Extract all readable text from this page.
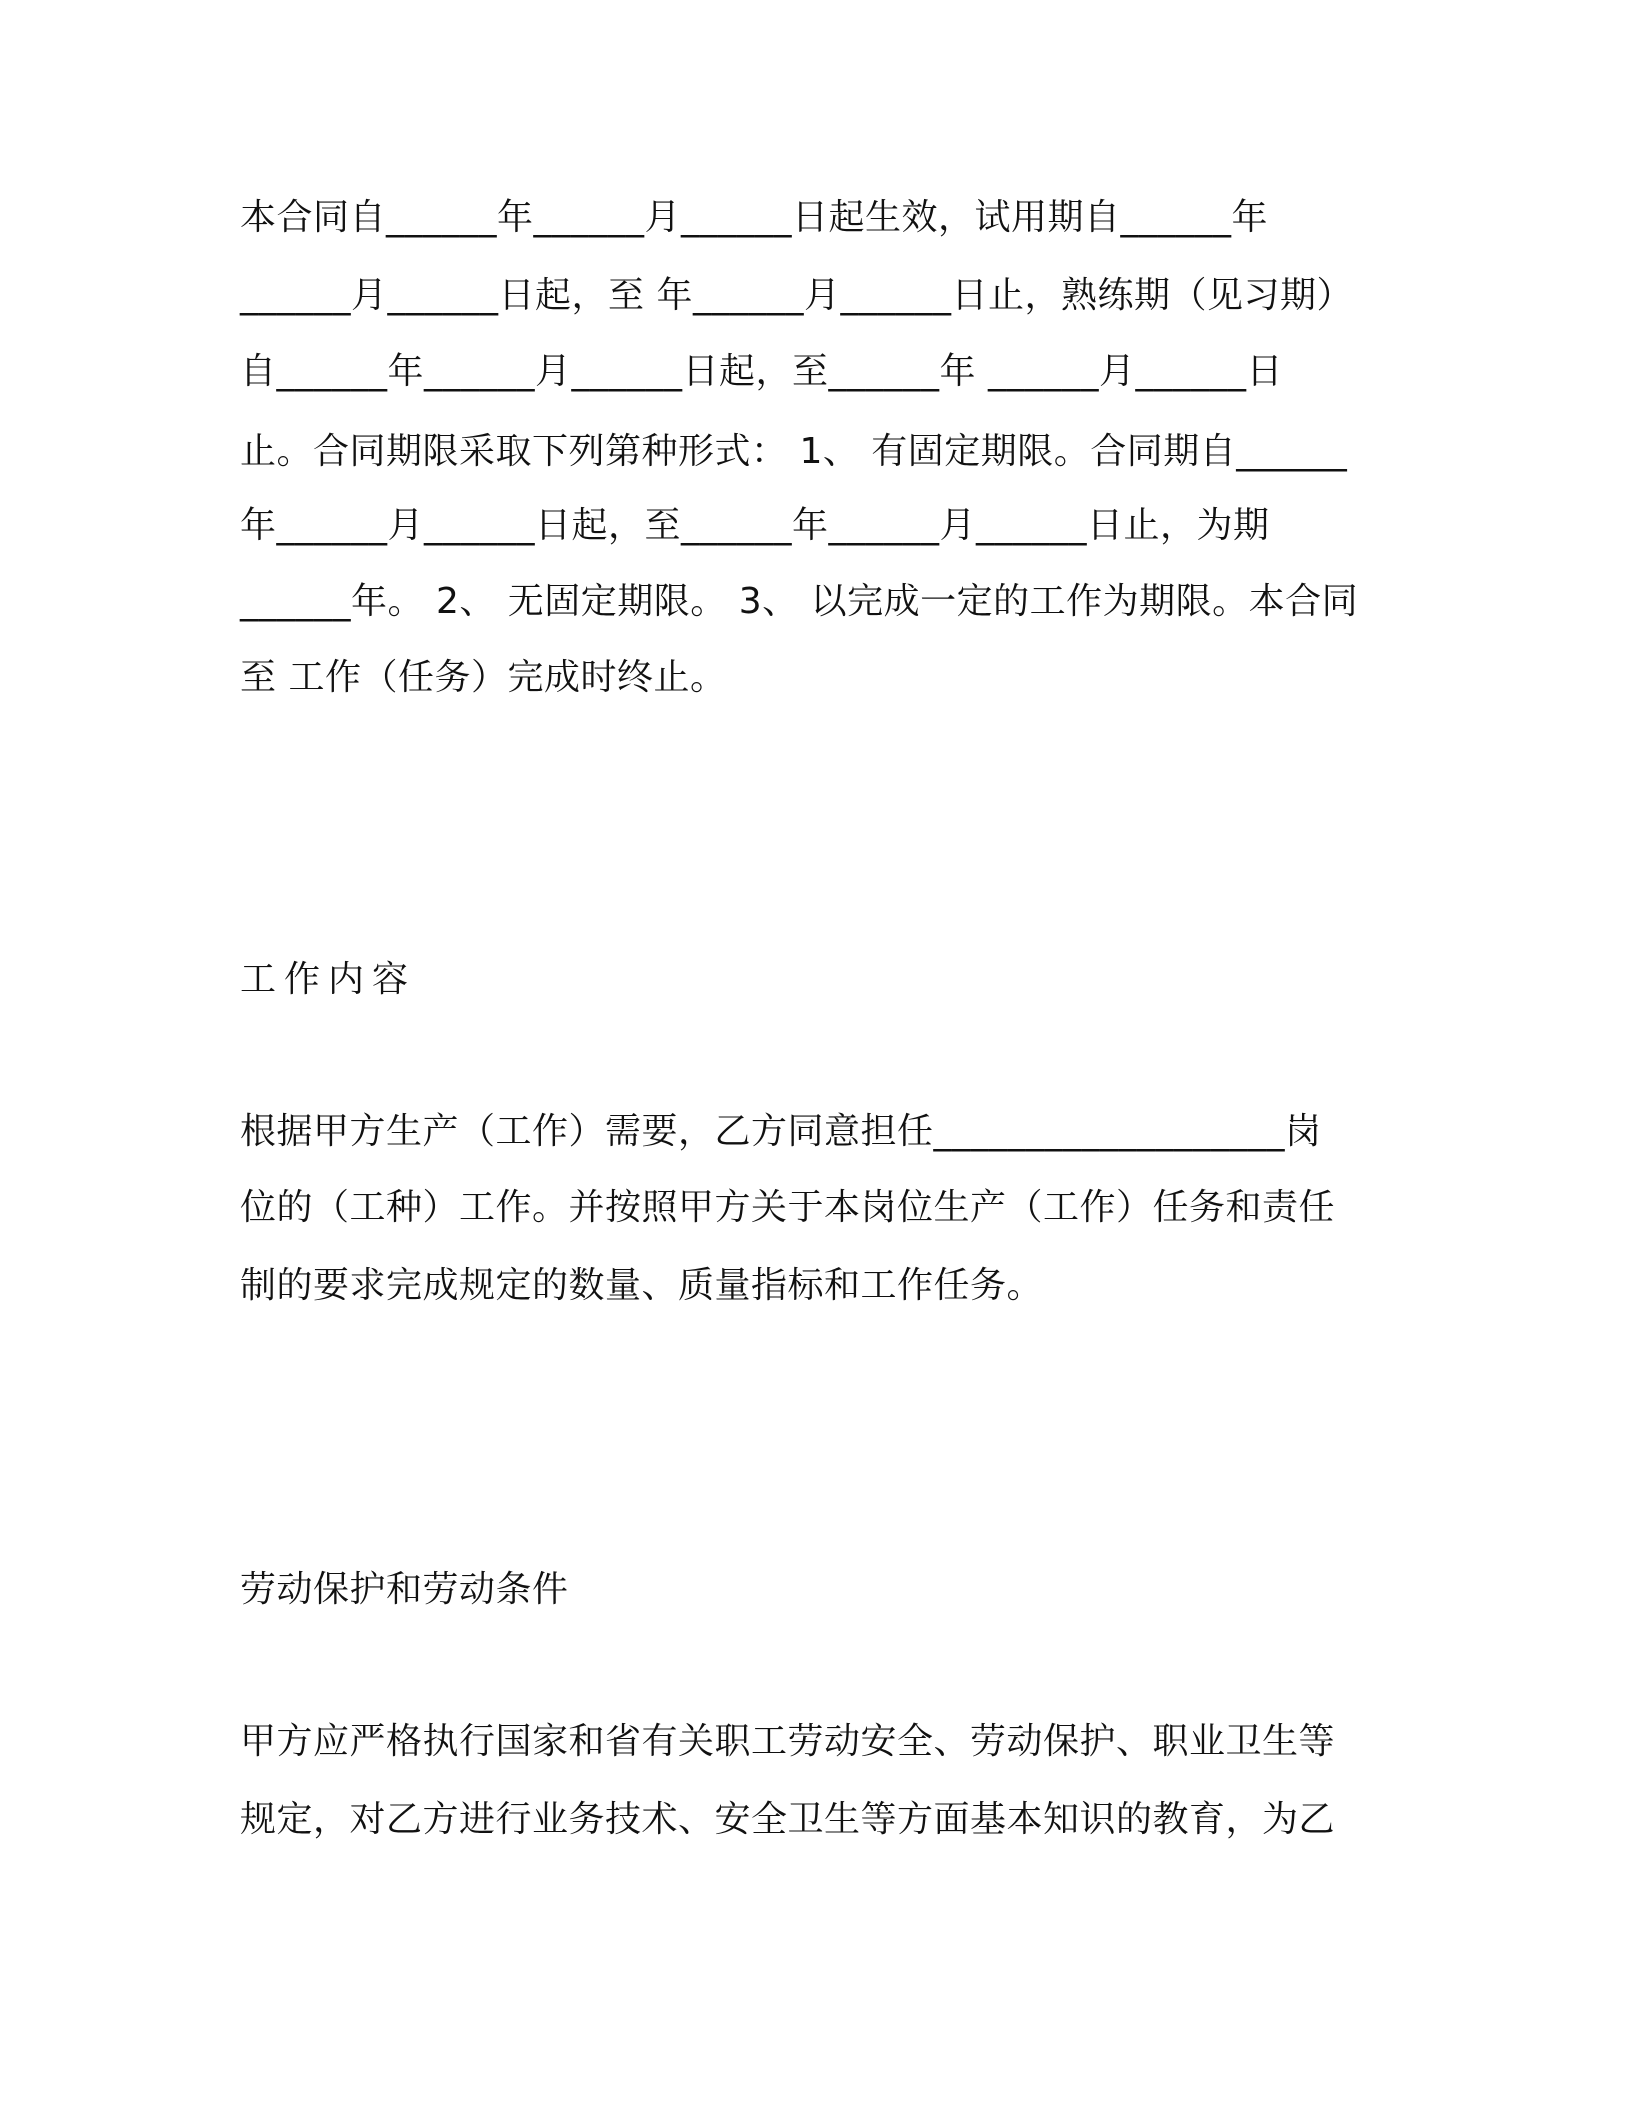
本合同自______年______月______日起生效，试用期自______年

______月______日起，至 年______月______日止，熟练期（见习期）

自______年______月______日起，至______年 ______月______日

止。合同期限采取下列第种形式： 1、 有固定期限。合同期自______

年______月______日起，至______年______月______日止，为期

______年。 2、 无固定期限。 3、 以完成一定的工作为期限。本合同

至 工作（任务）完成时终止。

工作内容

根据甲方生产（工作）需要，乙方同意担任___________________岗

位的（工种）工作。并按照甲方关于本岗位生产（工作）任务和责任

制的要求完成规定的数量、质量指标和工作任务。

劳动保护和劳动条件

甲方应严格执行国家和省有关职工劳动安全、劳动保护、职业卫生等

规定，对乙方进行业务技术、安全卫生等方面基本知识的教育，为乙
